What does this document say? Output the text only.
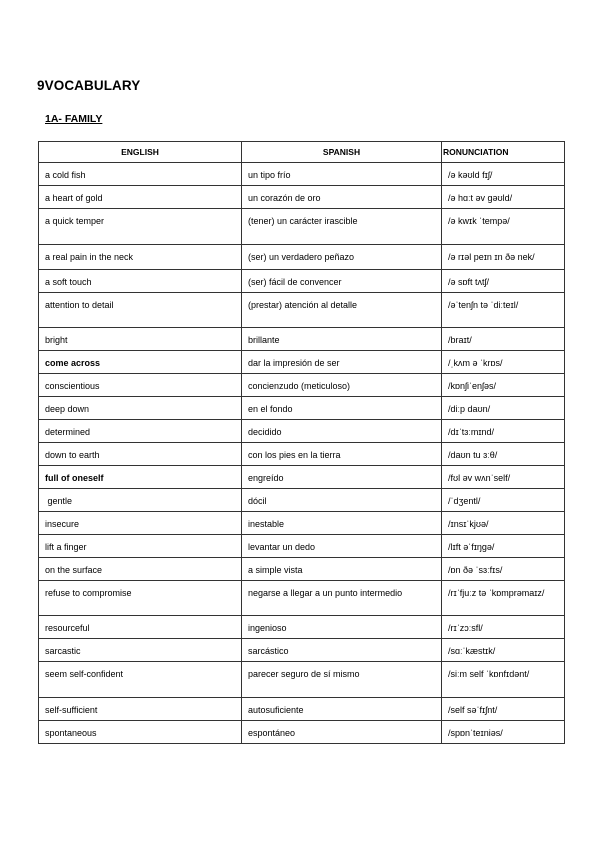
9VOCABULARY
1A- FAMILY
ENGLISH	SPANISH	RONUNCIATION
a cold fish	un tipo frío	/ə kəʊld fɪʃ/
a heart of gold	un corazón de oro	/ə hɑːt əv gəʊld/
a quick temper	(tener) un carácter irascible	/ə kwɪk ˈtempə/
a real pain in the neck	(ser) un verdadero peñazo	/ə rɪəl peɪn ɪn ðə nek/
a soft touch	(ser) fácil de convencer	/ə sɒft tʌtʃ/
attention to detail	(prestar) atención al detalle	/əˈtenʃn tə ˈdiːteɪl/
bright	brillante	/braɪt/
come across	dar la impresión de ser	/ˌkʌm ə ˈkrɒs/
conscientious	concienzudo (meticuloso)	/kɒnʃiˈenʃəs/
deep down	en el fondo	/diːp daʊn/
determined	decidido	/dɪˈtɜːmɪnd/
down to earth	con los pies en la tierra	/daʊn tu ɜːθ/
full of oneself	engreído	/fʊl əv wʌnˈself/
gentle	dócil	/ˈdʒentl/
insecure	inestable	/ɪnsɪˈkjʊə/
lift a finger	levantar un dedo	/lɪft əˈfɪŋgə/
on the surface	a simple vista	/ɒn ðə ˈsɜːfɪs/
refuse to compromise	negarse a llegar a un punto intermedio	/rɪˈfjuːz tə ˈkɒmprəmaɪz/
resourceful	ingenioso	/rɪˈzɔːsfl/
sarcastic	sarcástico	/sɑːˈkæstɪk/
seem self-confident	parecer seguro de sí mismo	/siːm self ˈkɒnfɪdənt/
self-sufficient	autosuficiente	/self səˈfɪʃnt/
spontaneous	espontáneo	/spɒnˈteɪniəs/
